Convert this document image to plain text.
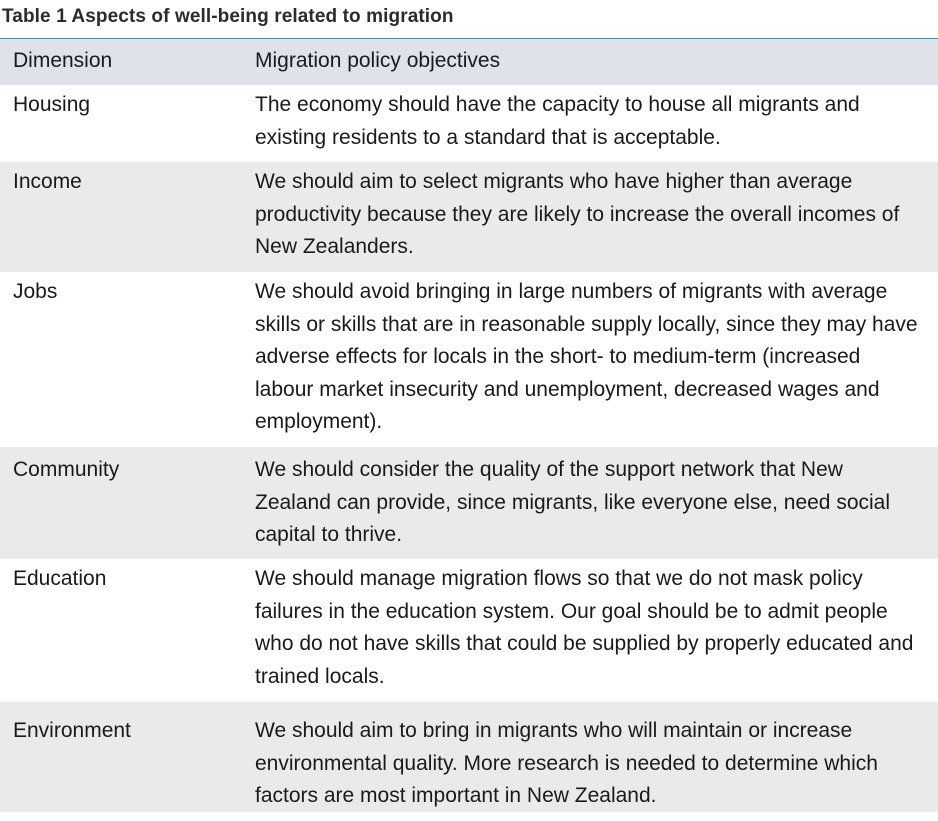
Table 1 Aspects of well-being related to migration
Dimension	Migration policy objectives
Housing	The economy should have the capacity to house all migrants and existing residents to a standard that is acceptable.
Income	We should aim to select migrants who have higher than average productivity because they are likely to increase the overall incomes of New Zealanders.
Jobs	We should avoid bringing in large numbers of migrants with average skills or skills that are in reasonable supply locally, since they may have adverse effects for locals in the short- to medium-term (increased labour market insecurity and unemployment, decreased wages and employment).
Community	We should consider the quality of the support network that New Zealand can provide, since migrants, like everyone else, need social capital to thrive.
Education	We should manage migration flows so that we do not mask policy failures in the education system. Our goal should be to admit people who do not have skills that could be supplied by properly educated and trained locals.
Environment	We should aim to bring in migrants who will maintain or increase environmental quality. More research is needed to determine which factors are most important in New Zealand.
